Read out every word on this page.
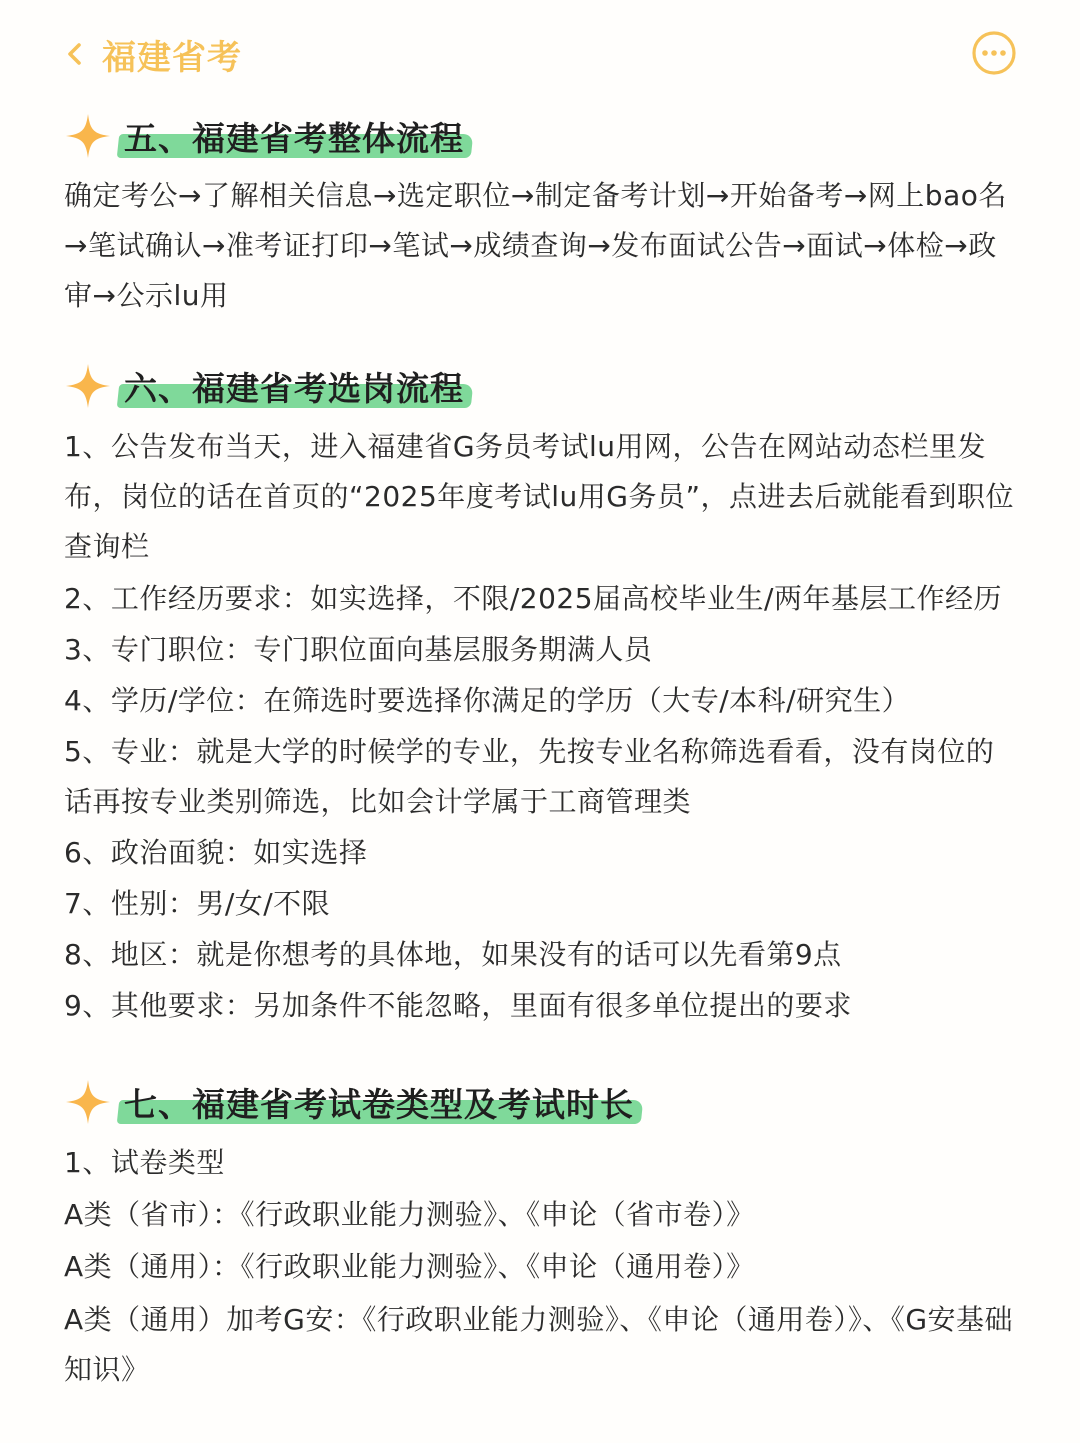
福建省考
五、福建省考整体流程

确定考公→了解相关信息→选定职位→制定备考计划→开始备考→网上bao名→笔试确认→准考证打印→笔试→成绩查询→发布面试公告→面试→体检→政审→公示lu用

六、福建省考选岗流程

1、公告发布当天，进入福建省G务员考试lu用网，公告在网站动态栏里发布，岗位的话在首页的“2025年度考试lu用G务员”，点进去后就能看到职位查询栏

2、工作经历要求：如实选择，不限/2025届高校毕业生/两年基层工作经历

3、专门职位：专门职位面向基层服务期满人员

4、学历/学位：在筛选时要选择你满足的学历（大专/本科/研究生）

5、专业：就是大学的时候学的专业，先按专业名称筛选看看，没有岗位的话再按专业类别筛选，比如会计学属于工商管理类

6、政治面貌：如实选择

7、性别：男/女/不限

8、地区：就是你想考的具体地，如果没有的话可以先看第9点

9、其他要求：另加条件不能忽略，里面有很多单位提出的要求

七、福建省考试卷类型及考试时长

1、试卷类型

A类（省市）：《行政职业能力测验》、《申论（省市卷）》

A类（通用）：《行政职业能力测验》、《申论（通用卷）》

A类（通用）加考G安：《行政职业能力测验》、《申论（通用卷）》、《G安基础知识》
